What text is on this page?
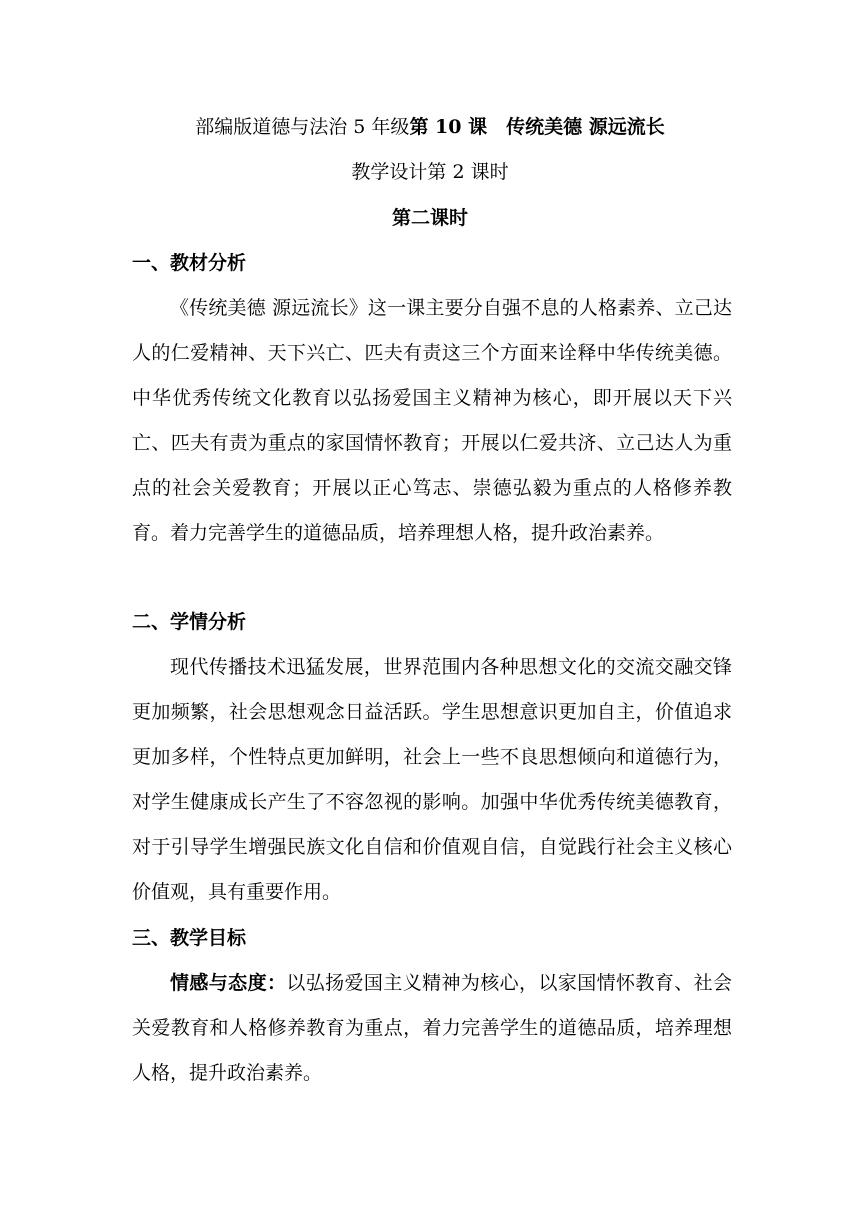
部编版道德与法治 5 年级第 10 课　传统美德 源远流长
教学设计第 2 课时
第二课时
一、教材分析
《传统美德 源远流长》这一课主要分自强不息的人格素养、立己达人的仁爱精神、天下兴亡、匹夫有责这三个方面来诠释中华传统美德。中华优秀传统文化教育以弘扬爱国主义精神为核心，即开展以天下兴亡、匹夫有责为重点的家国情怀教育；开展以仁爱共济、立己达人为重点的社会关爱教育；开展以正心笃志、崇德弘毅为重点的人格修养教育。着力完善学生的道德品质，培养理想人格，提升政治素养。
二、学情分析
现代传播技术迅猛发展，世界范围内各种思想文化的交流交融交锋更加频繁，社会思想观念日益活跃。学生思想意识更加自主，价值追求更加多样，个性特点更加鲜明，社会上一些不良思想倾向和道德行为，对学生健康成长产生了不容忽视的影响。加强中华优秀传统美德教育，对于引导学生增强民族文化自信和价值观自信，自觉践行社会主义核心价值观，具有重要作用。
三、教学目标
情感与态度：以弘扬爱国主义精神为核心，以家国情怀教育、社会关爱教育和人格修养教育为重点，着力完善学生的道德品质，培养理想人格，提升政治素养。
